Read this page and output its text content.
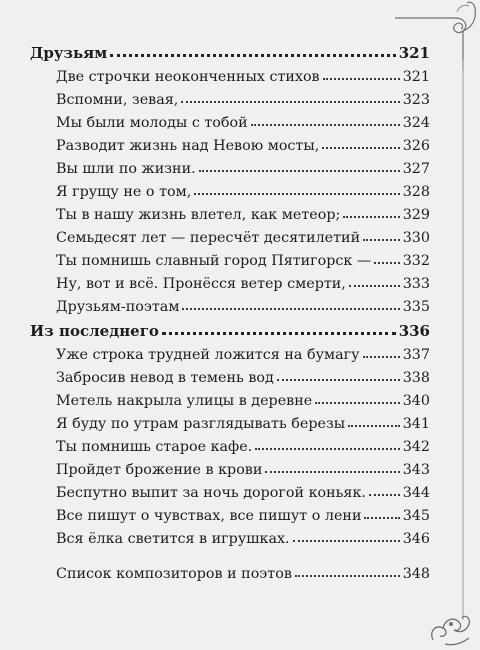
Друзьям	321
Две строчки неоконченных стихов	321
Вспомни, зевая,	323
Мы были молоды с тобой	324
Разводит жизнь над Невою мосты,	326
Вы шли по жизни.	327
Я грущу не о том,	328
Ты в нашу жизнь влетел, как метеор;	329
Семьдесят лет — пересчёт десятилетий	330
Ты помнишь славный город Пятигорск — 332
Ну, вот и всё. Пронёсся ветер смерти,	333
Друзьям-поэтам	335
Из последнего	336
Уже строка трудней ложится на бумагу	337
Забросив невод в темень вод	338
Метель накрыла улицы в деревне	340
Я буду по утрам разглядывать березы	341
Ты помнишь старое кафе.	342
Пройдет брожение в крови	343
Беспутно выпит за ночь дорогой коньяк.	344
Все пишут о чувствах, все пишут о лени	345
Вся ёлка светится в игрушках.	346
Список композиторов и поэтов	348
